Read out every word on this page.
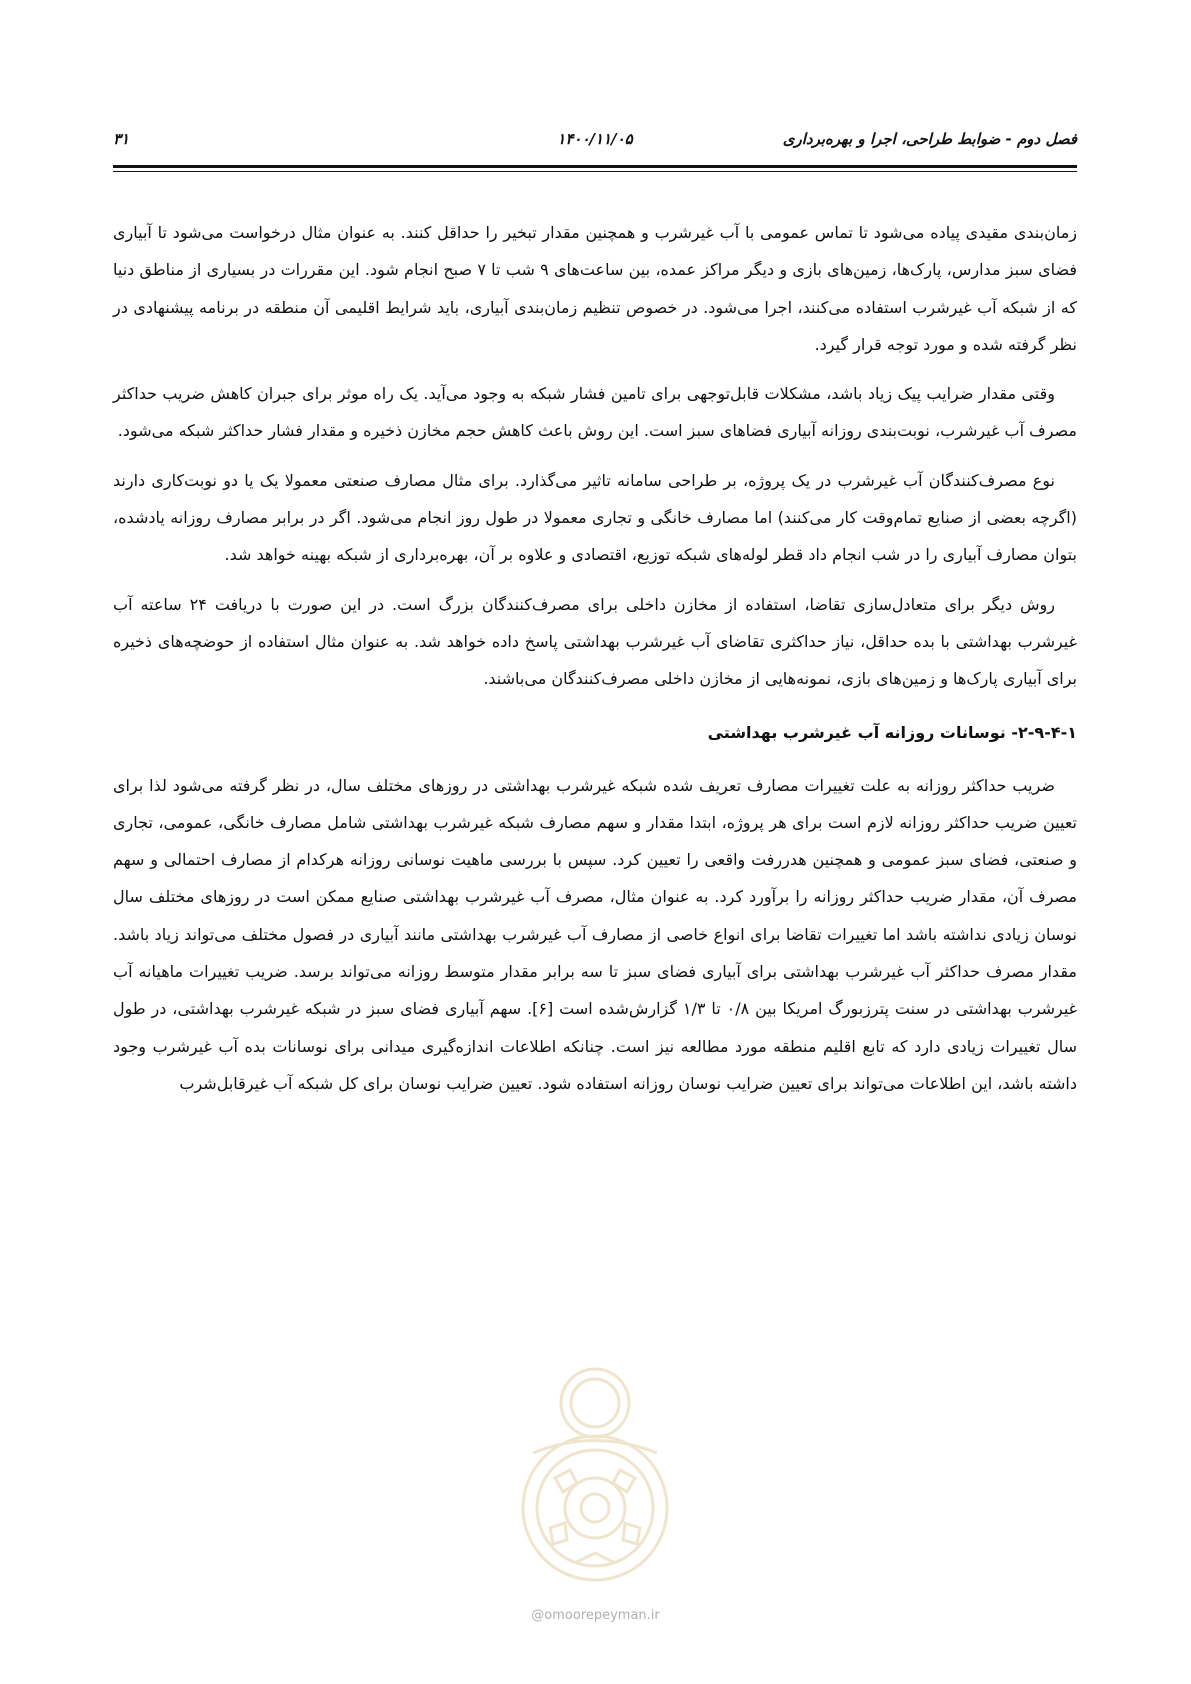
فصل دوم - ضوابط طراحی، اجرا و بهره‌برداری
۱۴۰۰/۱۱/۰۵
۳۱

زمان‌بندی مقیدی پیاده می‌شود تا تماس عمومی با آب غیرشرب و همچنین مقدار تبخیر را حداقل کنند. به عنوان مثال درخواست می‌شود تا آبیاری فضای سبز مدارس، پارک‌ها، زمین‌های بازی و دیگر مراکز عمده، بین ساعت‌های ۹ شب تا ۷ صبح انجام شود. این مقررات در بسیاری از مناطق دنیا که از شبکه آب غیرشرب استفاده می‌کنند، اجرا می‌شود. در خصوص تنظیم زمان‌بندی آبیاری، باید شرایط اقلیمی آن منطقه در برنامه پیشنهادی در نظر گرفته شده و مورد توجه قرار گیرد.

وقتی مقدار ضرایب پیک زیاد باشد، مشکلات قابل‌توجهی برای تامین فشار شبکه به وجود می‌آید. یک راه موثر برای جبران کاهش ضریب حداکثر مصرف آب غیرشرب، نوبت‌بندی روزانه آبیاری فضاهای سبز است. این روش باعث کاهش حجم مخازن ذخیره و مقدار فشار حداکثر شبکه می‌شود.

نوع مصرف‌کنندگان آب غیرشرب در یک پروژه، بر طراحی سامانه تاثیر می‌گذارد. برای مثال مصارف صنعتی معمولا یک یا دو نوبت‌کاری دارند (اگرچه بعضی از صنایع تمام‌وقت کار می‌کنند) اما مصارف خانگی و تجاری معمولا در طول روز انجام می‌شود. اگر در برابر مصارف روزانه یادشده، بتوان مصارف آبیاری را در شب انجام داد قطر لوله‌های شبکه توزیع، اقتصادی و علاوه بر آن، بهره‌برداری از شبکه بهینه خواهد شد.

روش دیگر برای متعادل‌سازی تقاضا، استفاده از مخازن داخلی برای مصرف‌کنندگان بزرگ است. در این صورت با دریافت ۲۴ ساعته آب غیرشرب بهداشتی با بده حداقل، نیاز حداکثری تقاضای آب غیرشرب بهداشتی پاسخ داده خواهد شد. به عنوان مثال استفاده از حوضچه‌های ذخیره برای آبیاری پارک‌ها و زمین‌های بازی، نمونه‌هایی از مخازن داخلی مصرف‌کنندگان می‌باشند.

۲-۹-۴-۱- نوسانات روزانه آب غیرشرب بهداشتی

ضریب حداکثر روزانه به علت تغییرات مصارف تعریف شده شبکه غیرشرب بهداشتی در روزهای مختلف سال، در نظر گرفته می‌شود لذا برای تعیین ضریب حداکثر روزانه لازم است برای هر پروژه، ابتدا مقدار و سهم مصارف شبکه غیرشرب بهداشتی شامل مصارف خانگی، عمومی، تجاری و صنعتی، فضای سبز عمومی و همچنین هدررفت واقعی را تعیین کرد. سپس با بررسی ماهیت نوسانی روزانه هرکدام از مصارف احتمالی و سهم مصرف آن، مقدار ضریب حداکثر روزانه را برآورد کرد. به عنوان مثال، مصرف آب غیرشرب بهداشتی صنایع ممکن است در روزهای مختلف سال نوسان زیادی نداشته باشد اما تغییرات تقاضا برای انواع خاصی از مصارف آب غیرشرب بهداشتی مانند آبیاری در فصول مختلف می‌تواند زیاد باشد. مقدار مصرف حداکثر آب غیرشرب بهداشتی برای آبیاری فضای سبز تا سه برابر مقدار متوسط روزانه می‌تواند برسد. ضریب تغییرات ماهیانه آب غیرشرب بهداشتی در سنت پترزبورگ امریکا بین ۰/۸ تا ۱/۳ گزارش‌شده است [۶]. سهم آبیاری فضای سبز در شبکه غیرشرب بهداشتی، در طول سال تغییرات زیادی دارد که تابع اقلیم منطقه مورد مطالعه نیز است. چنانکه اطلاعات اندازه‌گیری میدانی برای نوسانات بده آب غیرشرب وجود داشته باشد، این اطلاعات می‌تواند برای تعیین ضرایب نوسان روزانه استفاده شود. تعیین ضرایب نوسان برای کل شبکه آب غیرقابل‌شرب

@omoorepeyman.ir
